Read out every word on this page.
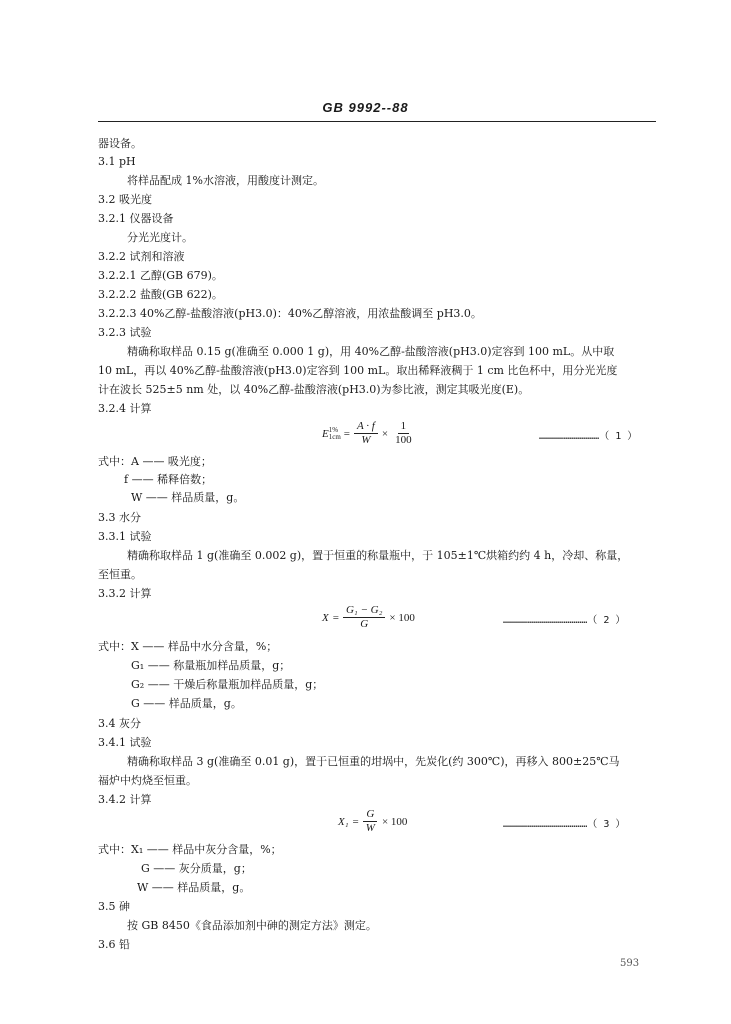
GB 9992--88
器设备。
3.1 pH
将样品配成 1%水溶液，用酸度计测定。
3.2 吸光度
3.2.1 仪器设备
分光光度计。
3.2.2 试剂和溶液
3.2.2.1 乙醇(GB 679)。
3.2.2.2 盐酸(GB 622)。
3.2.2.3 40%乙醇-盐酸溶液(pH3.0)：40%乙醇溶液，用浓盐酸调至 pH3.0。
3.2.3 试验
精确称取样品 0.15 g(准确至 0.000 1 g)，用 40%乙醇-盐酸溶液(pH3.0)定容到 100 mL。从中取
10 mL，再以 40%乙醇-盐酸溶液(pH3.0)定容到 100 mL。取出稀释液稠于 1 cm 比色杯中，用分光光度
计在波长 525±5 nm 处，以 40%乙醇-盐酸溶液(pH3.0)为参比液，测定其吸光度(E)。
3.2.4 计算
E 1%
$1cm = \frac{A \cdot f}{W} \times \frac{1}{100}$	…………………………（ 1 ）
式中：A —— 吸光度；
f —— 稀释倍数；
W —— 样品质量，g。
3.3 水分
3.3.1 试验
精确称取样品 1 g(准确至 0.002 g)，置于恒重的称量瓶中，于 105±1℃烘箱约约 4 h，冷却、称量，
至恒重。
3.3.2 计算
$X = \frac{\text{G₁ − G₂}}{G} \times 100$	……………………………………（ 2 ）
式中：X —— 样品中水分含量，%；
G₁ —— 称量瓶加样品质量，g；
G₂ —— 干燥后称量瓶加样品质量，g；
G —— 样品质量，g。
3.4 灰分
3.4.1 试验
精确称取样品 3 g(准确至 0.01 g)，置于已恒重的坩埚中，先炭化(约 300℃)，再移入 800±25℃马
福炉中灼烧至恒重。
3.4.2 计算
$X_1 = \frac{G}{W} \times 100$	……………………………………（ 3 ）
式中：X₁ —— 样品中灰分含量，%；
G —— 灰分质量，g；
W —— 样品质量，g。
3.5 砷
按 GB 8450《食品添加剂中砷的测定方法》测定。
3.6 铅
593
